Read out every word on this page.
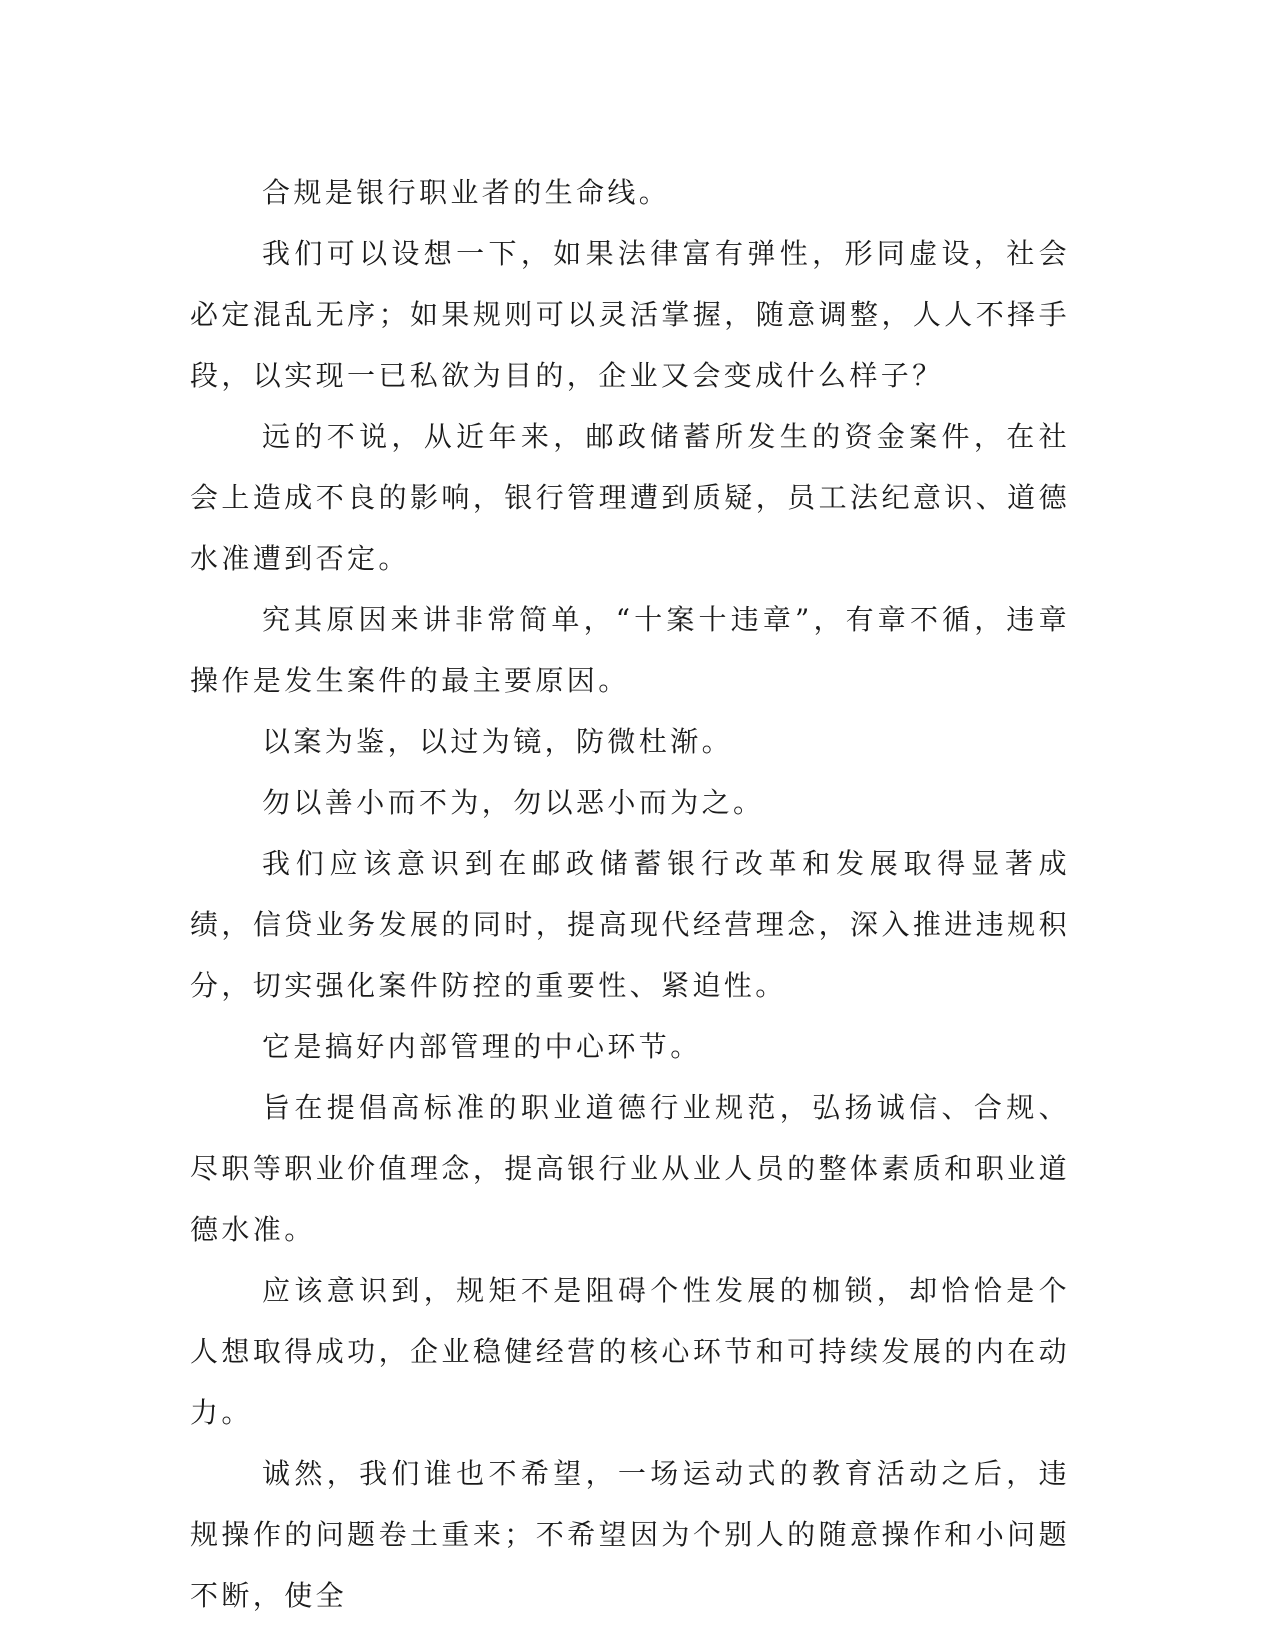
合规是银行职业者的生命线。

我们可以设想一下，如果法律富有弹性，形同虚设，社会必定混乱无序；如果规则可以灵活掌握，随意调整，人人不择手段，以实现一已私欲为目的，企业又会变成什么样子？

远的不说，从近年来，邮政储蓄所发生的资金案件，在社会上造成不良的影响，银行管理遭到质疑，员工法纪意识、道德水准遭到否定。

究其原因来讲非常简单，“十案十违章”，有章不循，违章操作是发生案件的最主要原因。

以案为鉴，以过为镜，防微杜渐。

勿以善小而不为，勿以恶小而为之。

我们应该意识到在邮政储蓄银行改革和发展取得显著成绩，信贷业务发展的同时，提高现代经营理念，深入推进违规积分，切实强化案件防控的重要性、紧迫性。

它是搞好内部管理的中心环节。

旨在提倡高标准的职业道德行业规范，弘扬诚信、合规、尽职等职业价值理念，提高银行业从业人员的整体素质和职业道德水准。

应该意识到，规矩不是阻碍个性发展的枷锁，却恰恰是个人想取得成功，企业稳健经营的核心环节和可持续发展的内在动力。

诚然，我们谁也不希望，一场运动式的教育活动之后，违规操作的问题卷土重来；不希望因为个别人的随意操作和小问题不断，使全
